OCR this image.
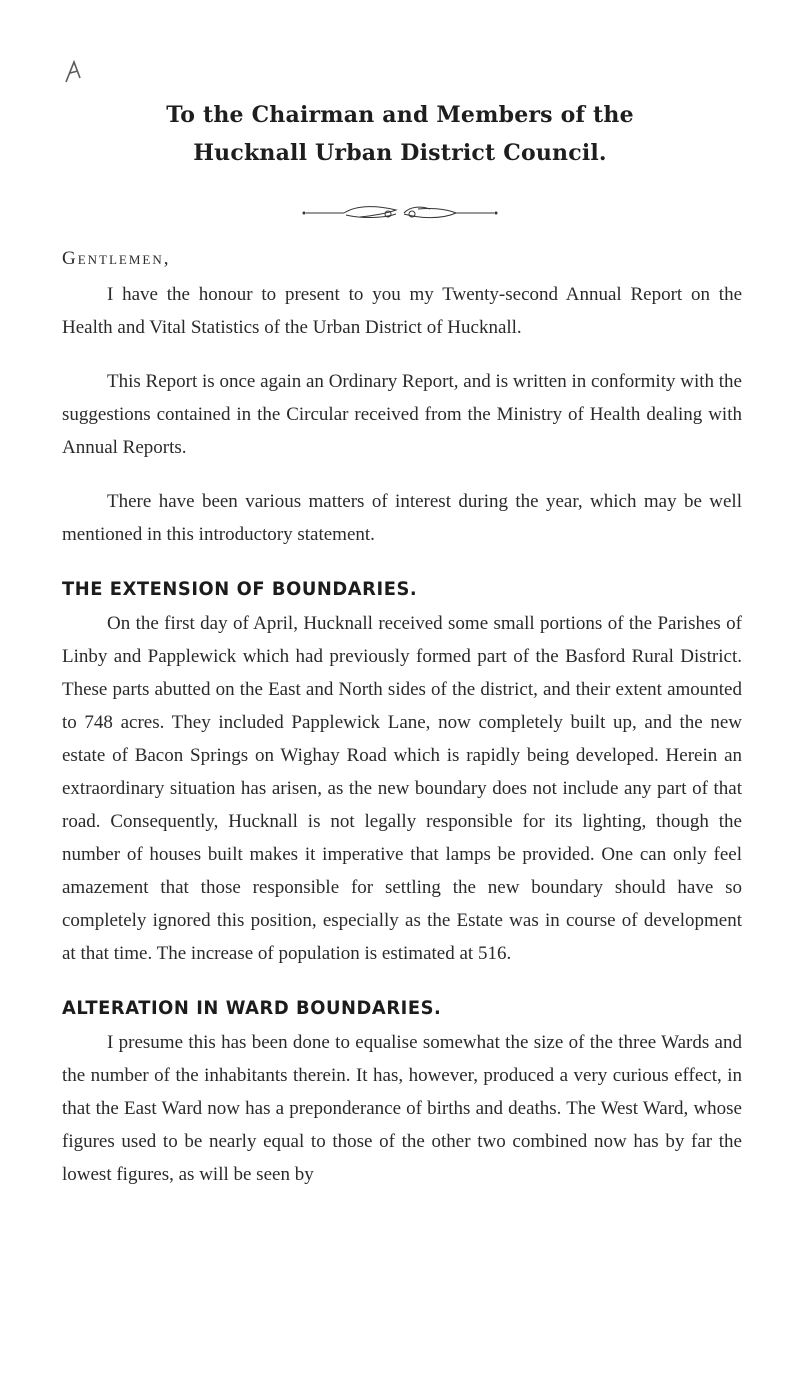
To the Chairman and Members of the
Hucknall Urban District Council.
Gentlemen,

I have the honour to present to you my Twenty-second Annual Report on the Health and Vital Statistics of the Urban District of Hucknall.

This Report is once again an Ordinary Report, and is written in conformity with the suggestions contained in the Circular received from the Ministry of Health dealing with Annual Reports.

There have been various matters of interest during the year, which may be well mentioned in this introductory statement.

THE EXTENSION OF BOUNDARIES.

On the first day of April, Hucknall received some small portions of the Parishes of Linby and Papplewick which had previously formed part of the Basford Rural District. These parts abutted on the East and North sides of the district, and their extent amounted to 748 acres. They included Papplewick Lane, now completely built up, and the new estate of Bacon Springs on Wighay Road which is rapidly being developed. Herein an extraordinary situation has arisen, as the new boundary does not include any part of that road. Consequently, Hucknall is not legally responsible for its lighting, though the number of houses built makes it imperative that lamps be provided. One can only feel amazement that those responsible for settling the new boundary should have so completely ignored this position, especially as the Estate was in course of development at that time. The increase of population is estimated at 516.

ALTERATION IN WARD BOUNDARIES.

I presume this has been done to equalise somewhat the size of the three Wards and the number of the inhabitants therein. It has, however, produced a very curious effect, in that the East Ward now has a preponderance of births and deaths. The West Ward, whose figures used to be nearly equal to those of the other two combined now has by far the lowest figures, as will be seen by
